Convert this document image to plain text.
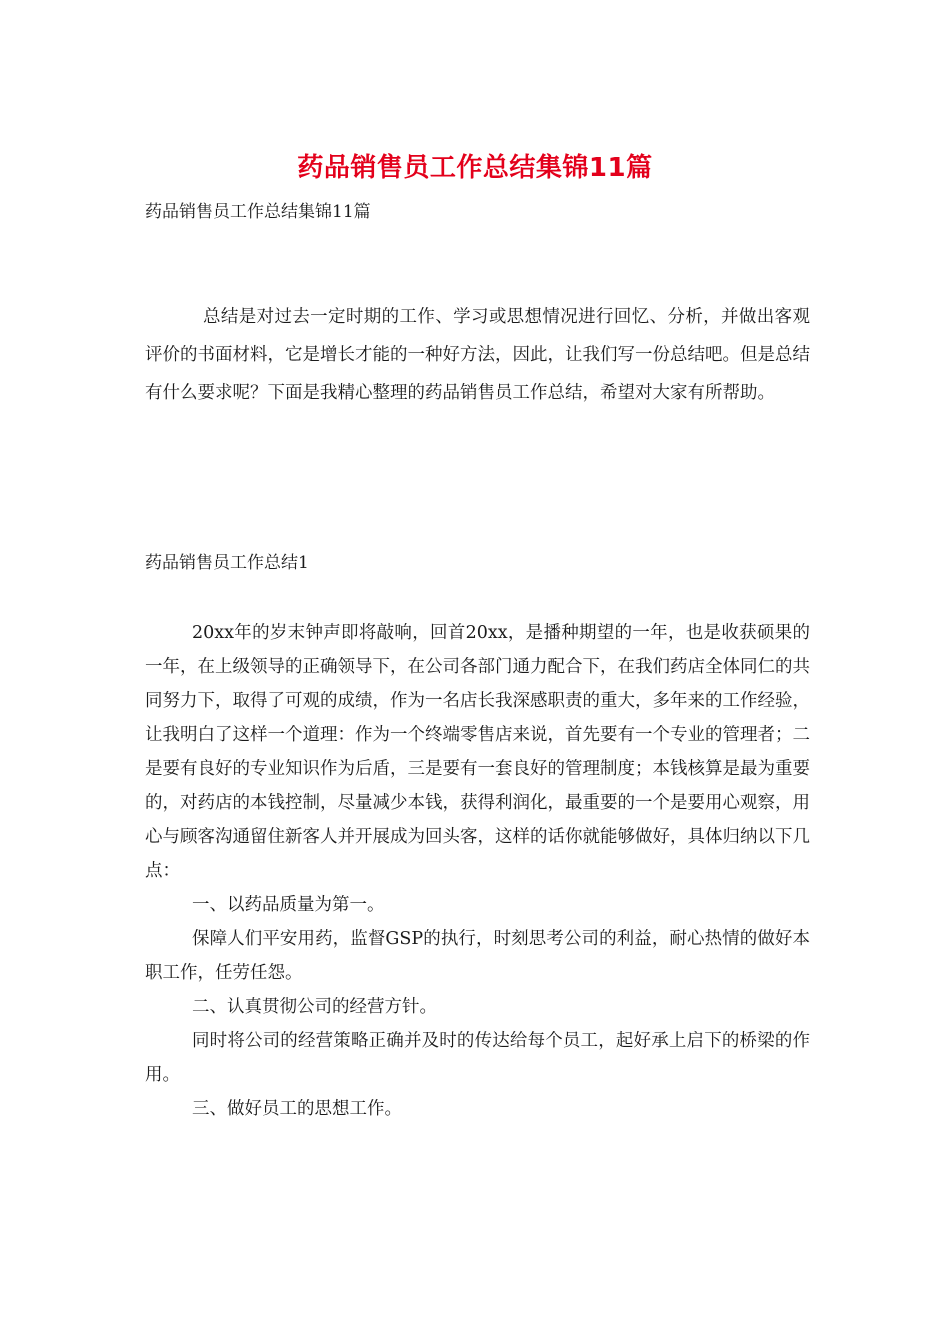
药品销售员工作总结集锦11篇
药品销售员工作总结集锦11篇

总结是对过去一定时期的工作、学习或思想情况进行回忆、分析，并做出客观评价的书面材料，它是增长才能的一种好方法，因此，让我们写一份总结吧。但是总结有什么要求呢？下面是我精心整理的药品销售员工作总结，希望对大家有所帮助。

药品销售员工作总结1

20xx年的岁末钟声即将敲响，回首20xx，是播种期望的一年，也是收获硕果的一年，在上级领导的正确领导下，在公司各部门通力配合下，在我们药店全体同仁的共同努力下，取得了可观的成绩，作为一名店长我深感职责的重大，多年来的工作经验，让我明白了这样一个道理：作为一个终端零售店来说，首先要有一个专业的管理者；二是要有良好的专业知识作为后盾，三是要有一套良好的管理制度；本钱核算是最为重要的，对药店的本钱控制，尽量减少本钱，获得利润化，最重要的一个是要用心观察，用心与顾客沟通留住新客人并开展成为回头客，这样的话你就能够做好，具体归纳以下几点：

一、以药品质量为第一。

保障人们平安用药，监督GSP的执行，时刻思考公司的利益，耐心热情的做好本职工作，任劳任怨。

二、认真贯彻公司的经营方针。

同时将公司的经营策略正确并及时的传达给每个员工，起好承上启下的桥梁的作用。

三、做好员工的思想工作。
